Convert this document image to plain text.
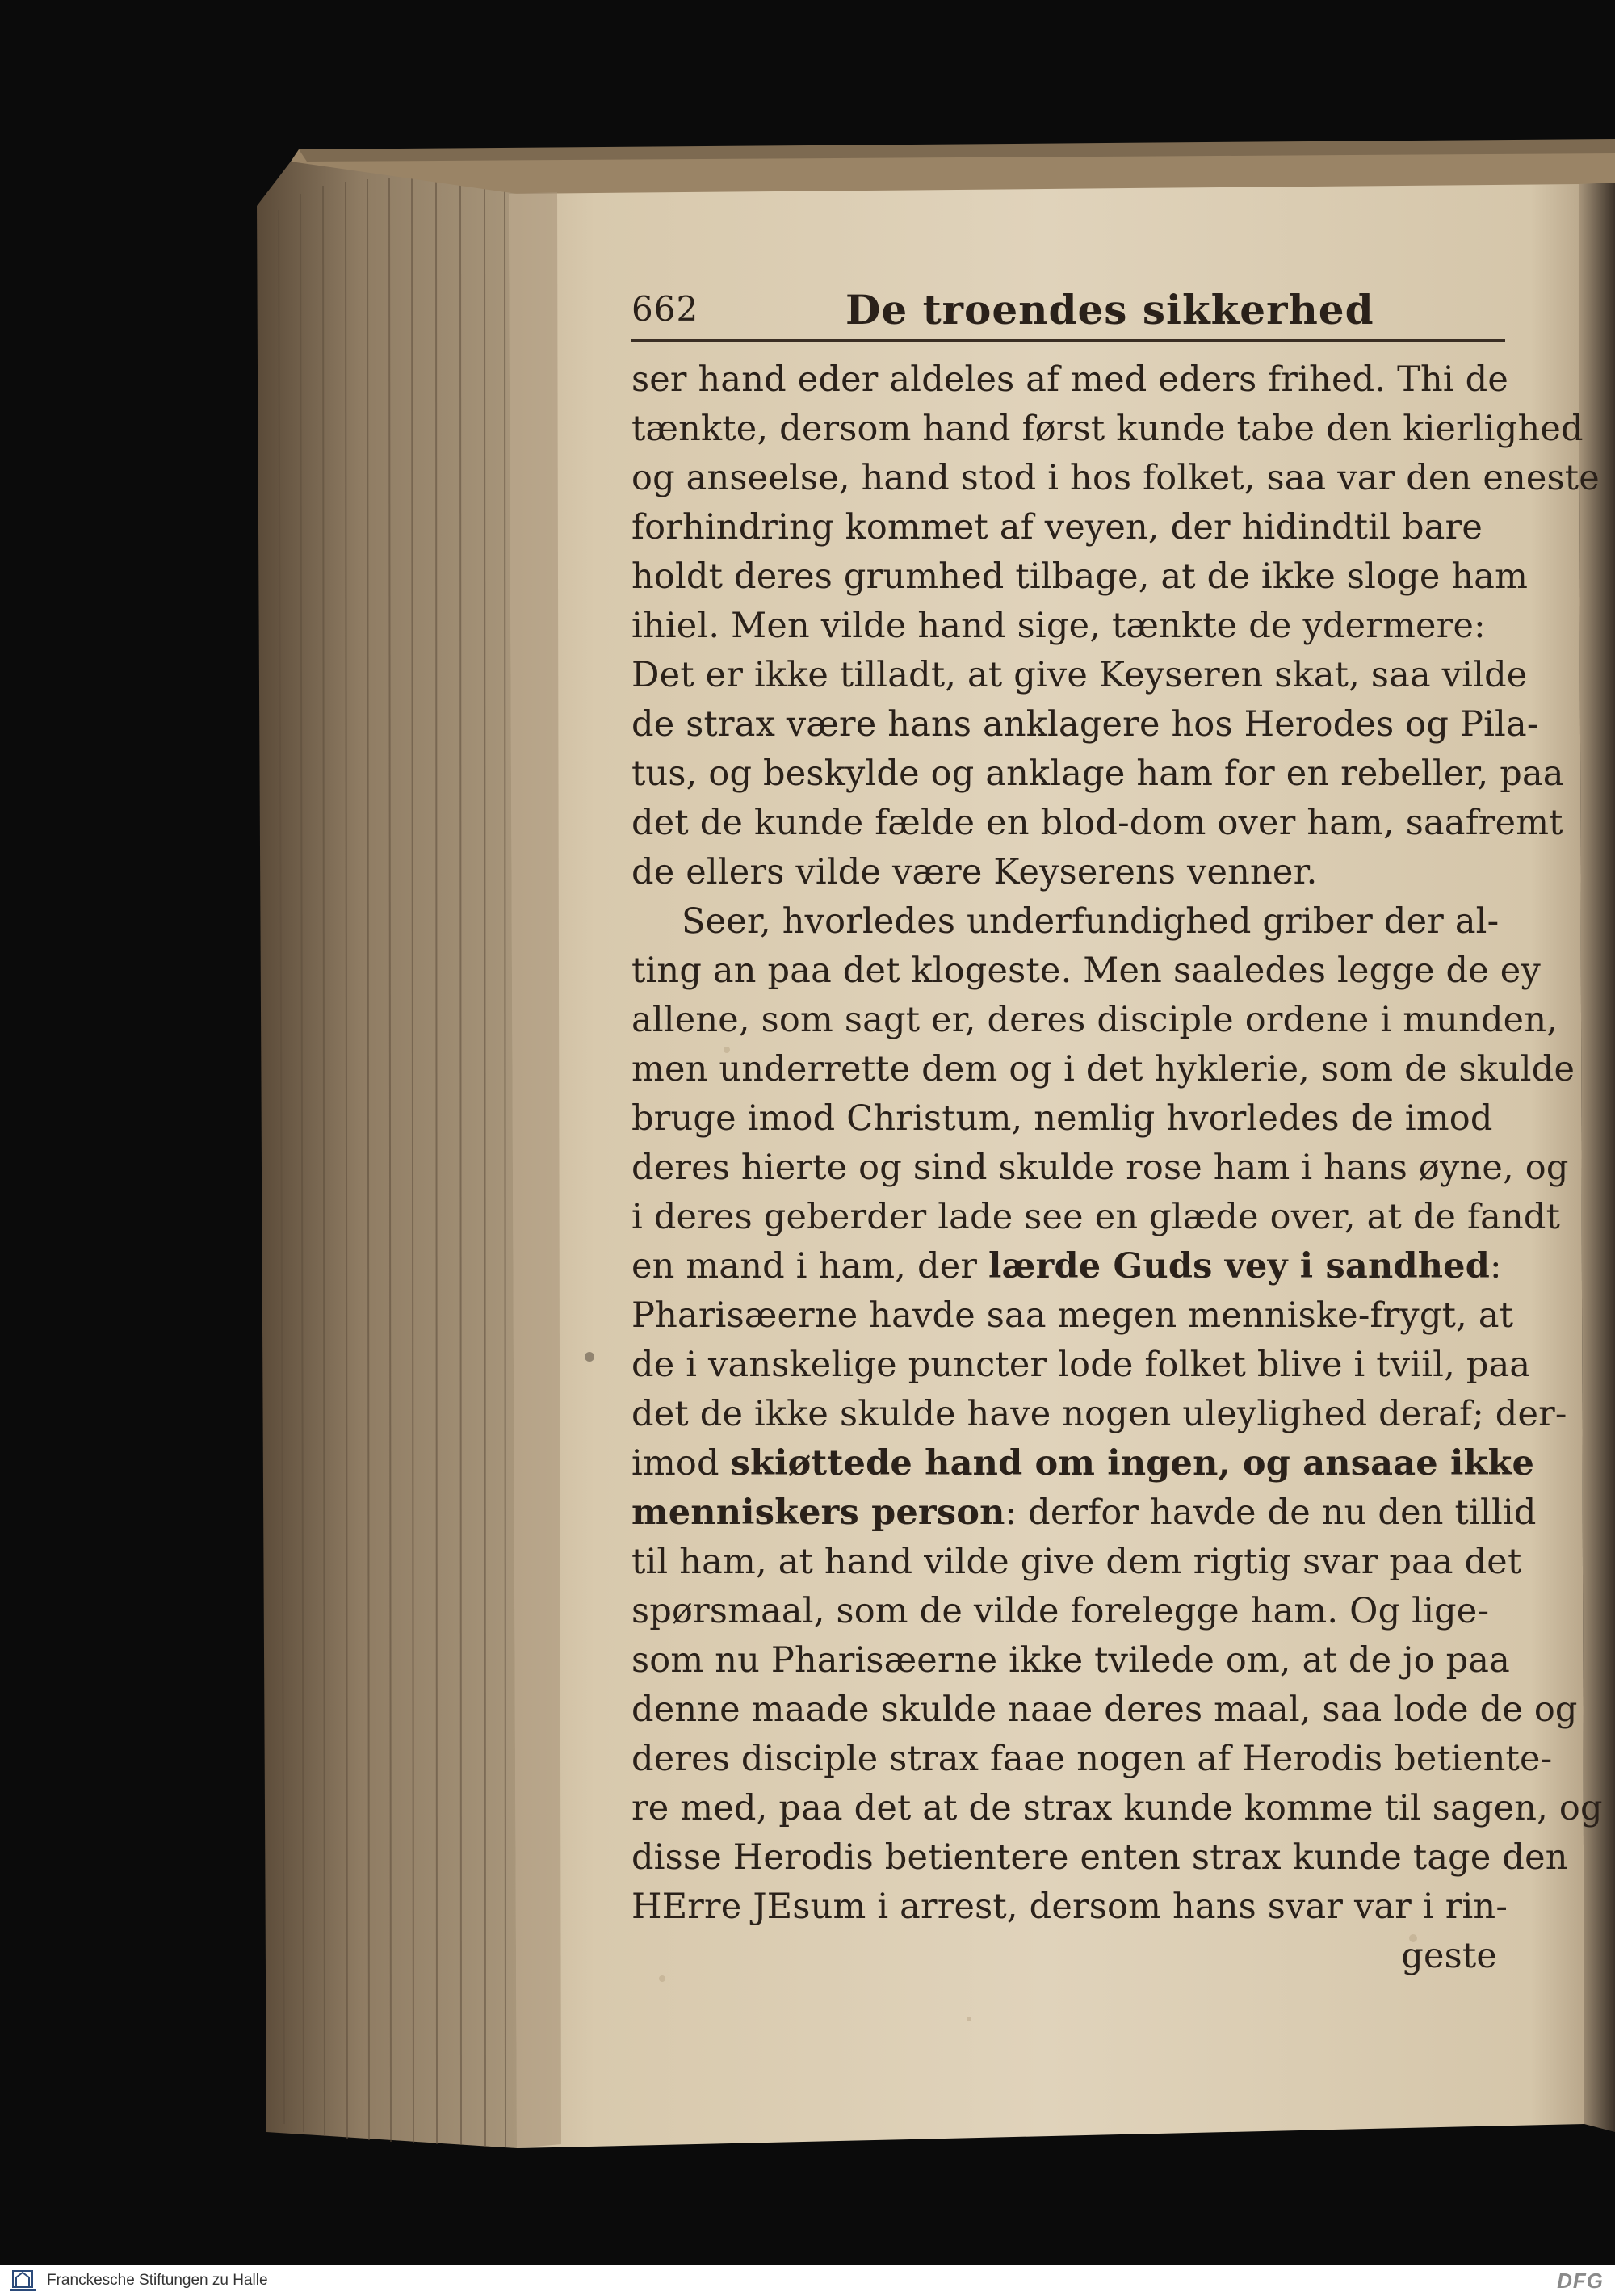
662	De troendes sikkerhed
ser hand eder aldeles af med eders frihed. Thi de
tænkte, dersom hand først kunde tabe den kierlighed
og anseelse, hand stod i hos folket, saa var den eneste
forhindring kommet af veyen, der hidindtil bare
holdt deres grumhed tilbage, at de ikke sloge ham
ihiel. Men vilde hand sige, tænkte de ydermere:
Det er ikke tilladt, at give Keyseren skat, saa vilde
de strax være hans anklagere hos Herodes og Pila-
tus, og beskylde og anklage ham for en rebeller, paa
det de kunde fælde en blod-dom over ham, saafremt
de ellers vilde være Keyserens venner.
Seer, hvorledes underfundighed griber der al-
ting an paa det klogeste. Men saaledes legge de ey
allene, som sagt er, deres disciple ordene i munden,
men underrette dem og i det hyklerie, som de skulde
bruge imod Christum, nemlig hvorledes de imod
deres hierte og sind skulde rose ham i hans øyne, og
i deres geberder lade see en glæde over, at de fandt
en mand i ham, der lærde Guds vey i sandhed:
Pharisæerne havde saa megen menniske-frygt, at
de i vanskelige puncter lode folket blive i tviil, paa
det de ikke skulde have nogen uleylighed deraf; der-
imod skiøttede hand om ingen, og ansaae ikke
menniskers person: derfor havde de nu den tillid
til ham, at hand vilde give dem rigtig svar paa det
spørsmaal, som de vilde forelegge ham. Og lige-
som nu Pharisæerne ikke tvilede om, at de jo paa
denne maade skulde naae deres maal, saa lode de og
deres disciple strax faae nogen af Herodis betiente-
re med, paa det at de strax kunde komme til sagen, og
disse Herodis betientere enten strax kunde tage den
HErre JEsum i arrest, dersom hans svar var i rin-
geste
Franckesche Stiftungen zu Halle	DFG
